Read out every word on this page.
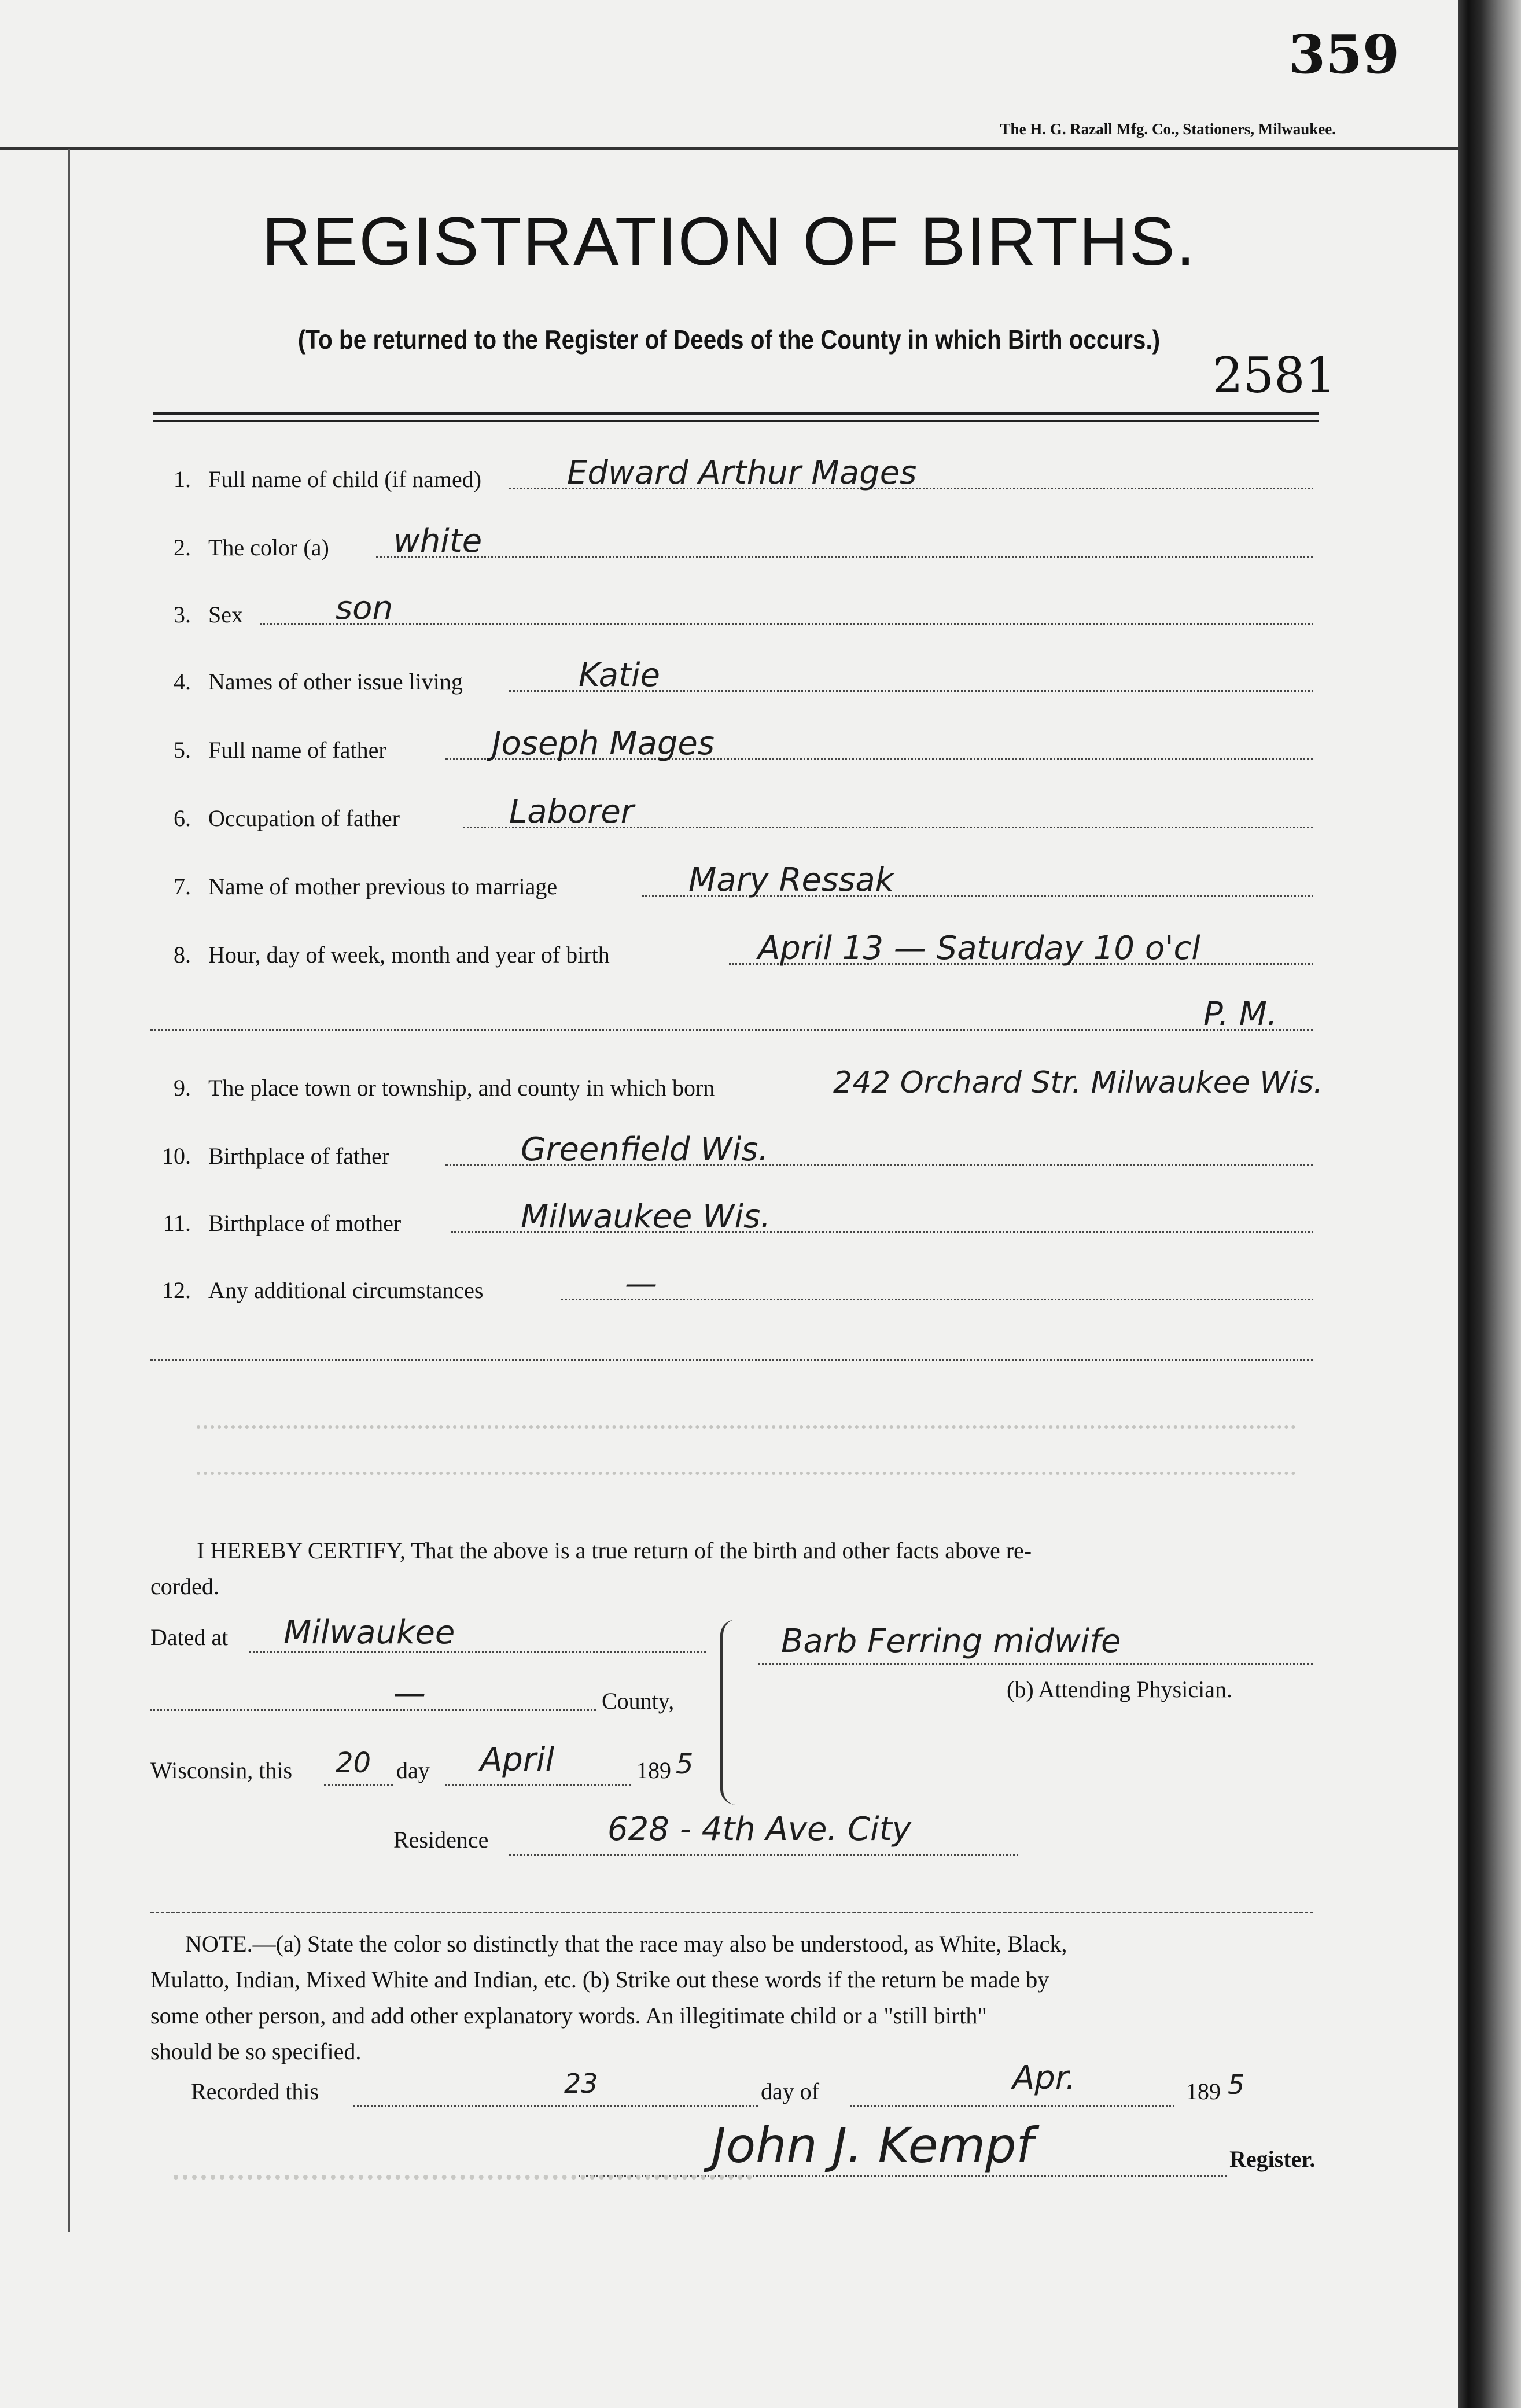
359
The H. G. Razall Mfg. Co., Stationers, Milwaukee.
REGISTRATION OF BIRTHS.
(To be returned to the Register of Deeds of the County in which Birth occurs.)
2581
1. Full name of child (if named)	Edward Arthur Mages
2. The color (a) white
3. Sex	son
4. Names of other issue living	Katie
5. Full name of father	Joseph Mages
6. Occupation of father	Laborer
7. Name of mother previous to marriage	Mary Ressak
8. Hour, day of week, month and year of birth	April 13 — Saturday 10 o'cl
P. M.
9. The place town or township, and county in which born	242 Orchard Str. Milwaukee Wis.
10. Birthplace of father	Greenfield Wis.
11. Birthplace of mother	Milwaukee Wis.
12. Any additional circumstances	—
I HEREBY CERTIFY, That the above is a true return of the birth and other facts above re-
corded.
Dated at Milwaukee
—	County,
Wisconsin, this 20 day April	189 5
Barb Ferring midwife
(b) Attending Physician.
Residence	628 - 4th Ave. City
NOTE.—(a) State the color so distinctly that the race may also be understood, as White, Black,
Mulatto, Indian, Mixed White and Indian, etc. (b) Strike out these words if the return be made by
some other person, and add other explanatory words. An illegitimate child or a "still birth"
should be so specified.
Recorded this	23	day of	Apr.	189 5
John J. Kempf	Register.
